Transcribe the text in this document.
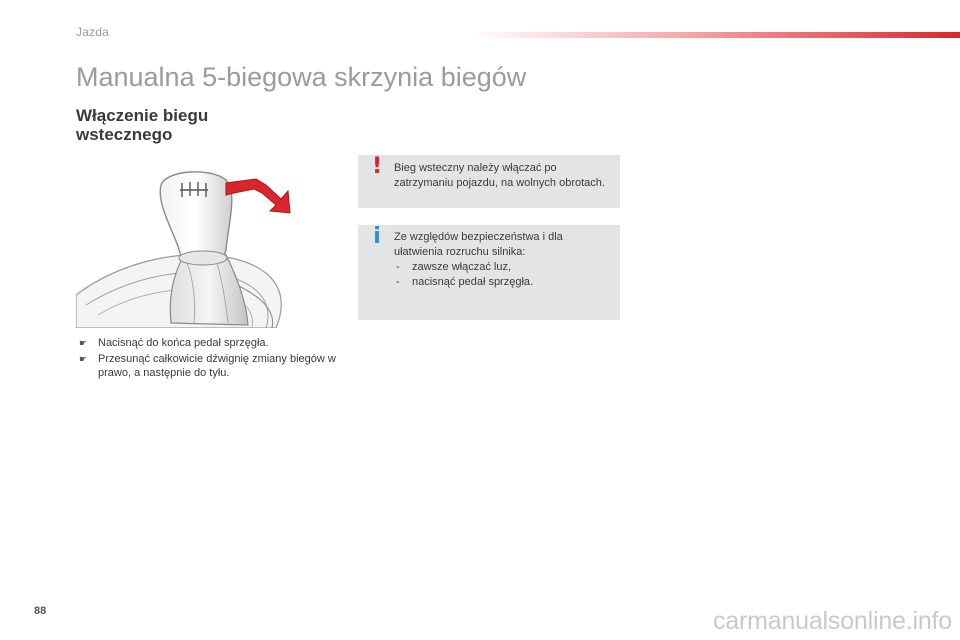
Jazda
Manualna 5-biegowa skrzynia biegów
Włączenie biegu wstecznego
☛ Nacisnąć do końca pedał sprzęgła.
☛ Przesunąć całkowicie dźwignię zmiany biegów w prawo, a następnie do tyłu.
!	Bieg wsteczny należy włączać po zatrzymaniu pojazdu, na wolnych obrotach.
i	Ze względów bezpieczeństwa i dla ułatwienia rozruchu silnika:
- zawsze włączać luz,
- nacisnąć pedał sprzęgła.
88	carmanualsonline.info
